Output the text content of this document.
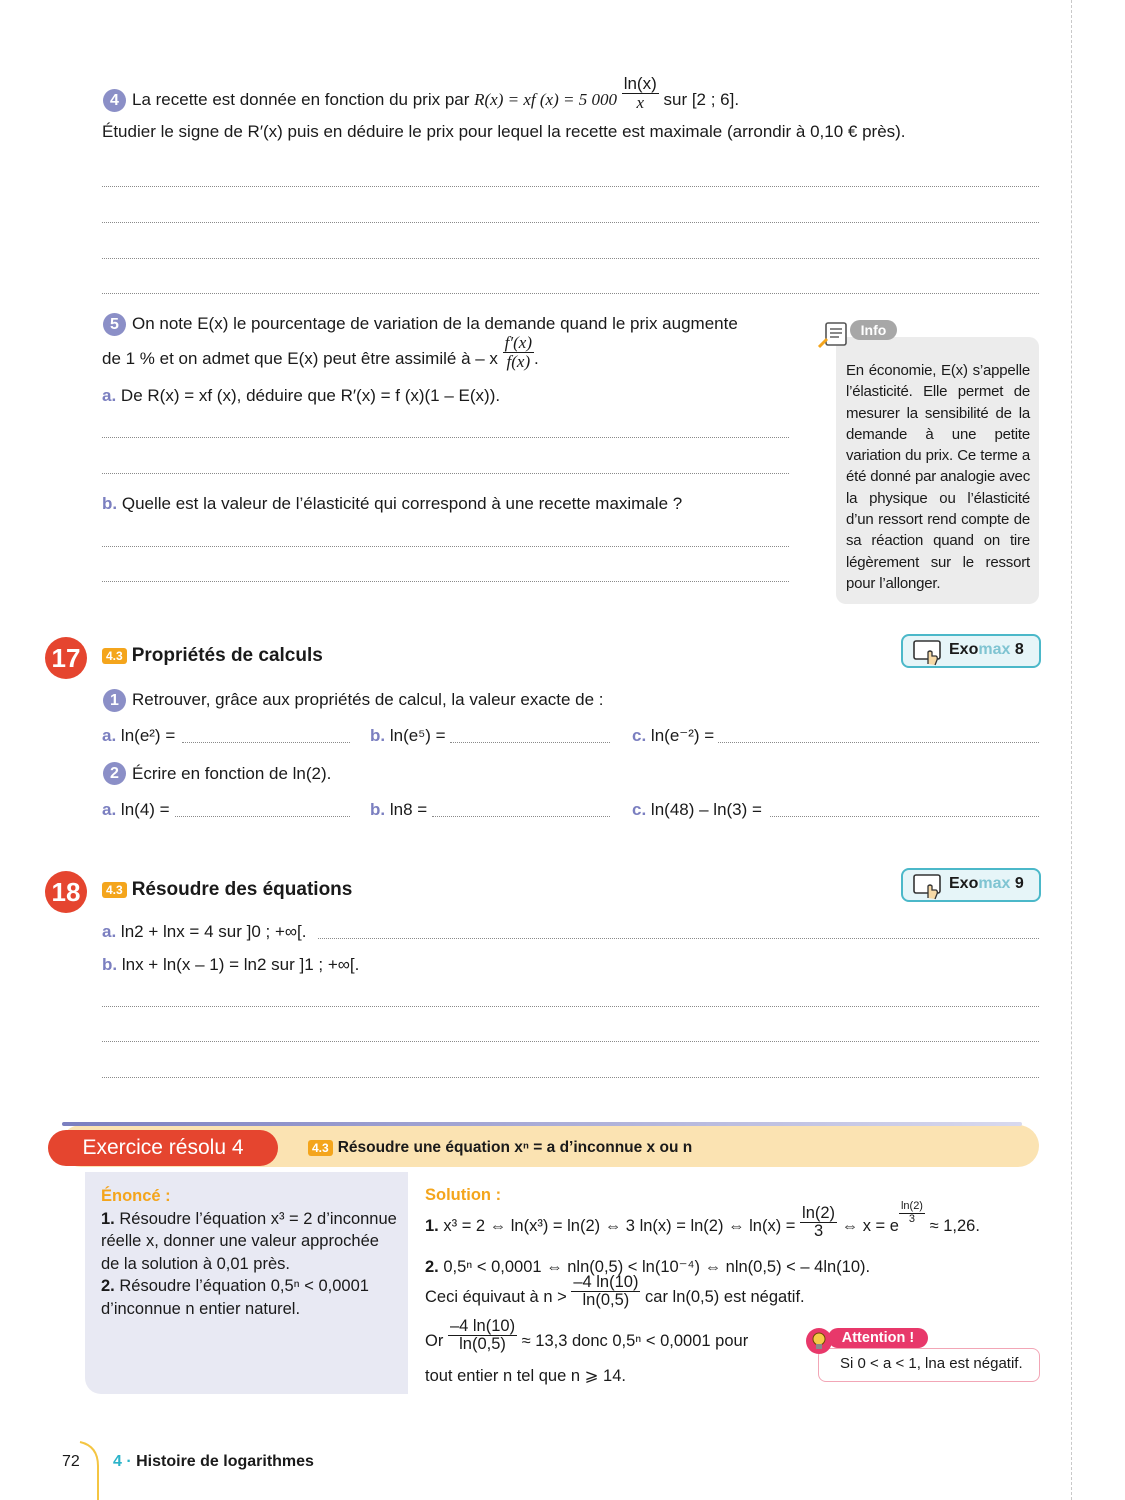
4 La recette est donnée en fonction du prix par R(x) = xf (x) = 5 $000 \frac{\ln(x)}{x}$ sur [2 ; 6].
Étudier le signe de R′(x) puis en déduire le prix pour lequel la recette est maximale (arrondir à 0,10 € près).
5 On note E(x) le pourcentage de variation de la demande quand le prix augmente
de 1 % et on admet que E(x) peut être assimilé à – x $\frac{f'(x)}{f(x)}$ .
a. De R(x) = xf (x), déduire que R′(x) = f (x)(1 – E(x)).
b. Quelle est la valeur de l’élasticité qui correspond à une recette maximale ?
Info
En économie, E(x) s’appelle l’élasticité. Elle permet de mesurer la sensibilité de la demande à une petite variation du prix. Ce terme a été donné par analogie avec la physique ou l’élasticité d’un ressort rend compte de sa réaction quand on tire légèrement sur le ressort pour l’allonger.
17	4.3 Propriétés de calculs	Exomax 8
1 Retrouver, grâce aux propriétés de calcul, la valeur exacte de :
a. ln(e²) =	b. ln(e⁵) =	c. ln(e⁻²) =
2 Écrire en fonction de ln(2).
a. ln(4) =	b. ln8 =	c. ln(48) – ln(3) =
18	4.3 Résoudre des équations	Exomax 9
a. ln2 + lnx = 4 sur ]0 ; +∞[.
b. lnx + ln(x – 1) = ln2 sur ]1 ; +∞[.
Exercice résolu 4	4.3 Résoudre une équation xⁿ = a d’inconnue x ou n
Énoncé :
1. Résoudre l’équation x³ = 2 d’inconnue réelle x, donner une valeur approchée de la solution à 0,01 près.
2. Résoudre l’équation 0,5ⁿ < 0,0001 d’inconnue n entier naturel.
Solution :
1. x³ = 2 ⇔ ln(x³) = ln(2) ⇔ 3 ln(x) = ln(2) ⇔ $\ln(x) = \frac{\ln(2)}{3}$ ⇔ x = e
$\frac{\ln(2)}{3}$
≈ 1,26.
2. 0,5ⁿ < 0,0001 ⇔ nln(0,5) < ln(10⁻⁴) ⇔ nln(0,5) < – 4ln(10).
Ceci équivaut à $n > \frac{-4 \ln(10)}{\ln(0,5)}$ car ln(0,5) est négatif.
Or $\frac{-4 \ln(10)}{\ln(0,5)} \approx 13,3$ donc 0,5ⁿ < 0,0001 pour
tout entier n tel que n ⩾ 14.
Attention !
Si 0 < a < 1, lna est négatif.
72 4 · Histoire de logarithmes
